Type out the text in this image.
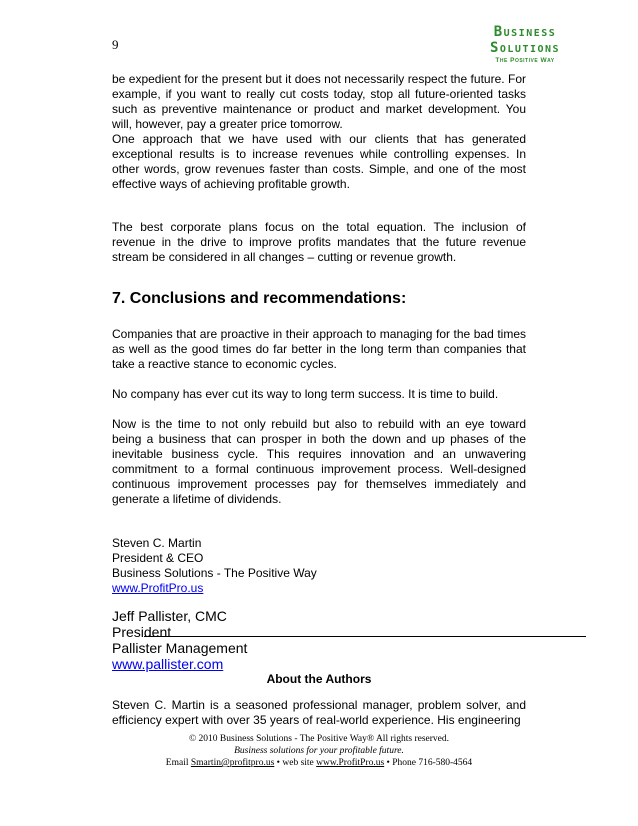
9
Business
Solutions
The Positive Way

be expedient for the present but it does not necessarily respect the future. For example, if you want to really cut costs today, stop all future-oriented tasks such as preventive maintenance or product and market development. You will, however, pay a greater price tomorrow.

One approach that we have used with our clients that has generated exceptional results is to increase revenues while controlling expenses. In other words, grow revenues faster than costs. Simple, and one of the most effective ways of achieving profitable growth.

The best corporate plans focus on the total equation. The inclusion of revenue in the drive to improve profits mandates that the future revenue stream be considered in all changes – cutting or revenue growth.

7. Conclusions and recommendations:

Companies that are proactive in their approach to managing for the bad times as well as the good times do far better in the long term than companies that take a reactive stance to economic cycles.

No company has ever cut its way to long term success. It is time to build.

Now is the time to not only rebuild but also to rebuild with an eye toward being a business that can prosper in both the down and up phases of the inevitable business cycle. This requires innovation and an unwavering commitment to a formal continuous improvement process. Well-designed continuous improvement processes pay for themselves immediately and generate a lifetime of dividends.

Steven C. Martin
President & CEO
Business Solutions - The Positive Way
www.ProfitPro.us
Jeff Pallister, CMC
President
Pallister Management
www.pallister.com

About the Authors

Steven C. Martin is a seasoned professional manager, problem solver, and efficiency expert with over 35 years of real-world experience. His engineering

© 2010 Business Solutions - The Positive Way® All rights reserved.
Business solutions for your profitable future.
Email Smartin@profitpro.us • web site www.ProfitPro.us • Phone 716-580-4564
